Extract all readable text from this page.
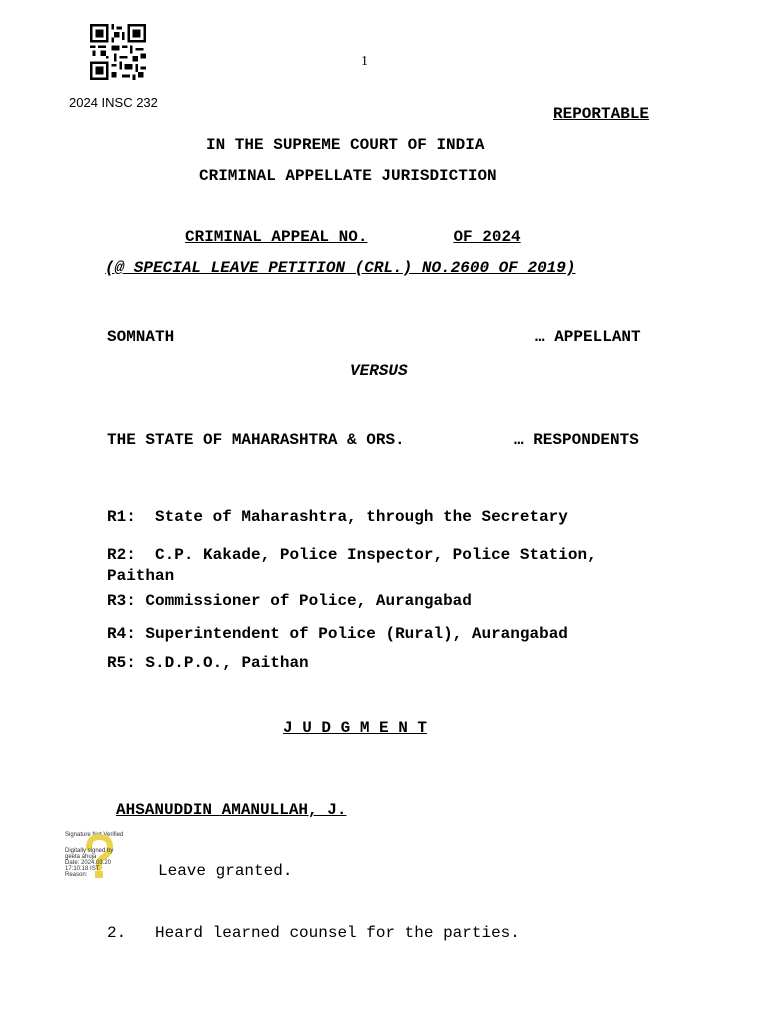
1
2024 INSC 232
REPORTABLE
IN THE SUPREME COURT OF INDIA
CRIMINAL APPELLATE JURISDICTION
CRIMINAL APPEAL NO.	OF 2024
(@ SPECIAL LEAVE PETITION (CRL.) NO.2600 OF 2019)
SOMNATH	… APPELLANT
VERSUS
THE STATE OF MAHARASHTRA & ORS.	… RESPONDENTS
R1: State of Maharashtra, through the Secretary
R2: C.P. Kakade, Police Inspector, Police Station,
Paithan
R3: Commissioner of Police, Aurangabad
R4: Superintendent of Police (Rural), Aurangabad
R5: S.D.P.O., Paithan
J U D G M E N T
AHSANUDDIN AMANULLAH, J.
Signature Not Verified
Digitally signed by
geeta ahuja
Date: 2024.03.20
17:10:18 IST
Reason:	Leave granted.
2. Heard learned counsel for the parties.
